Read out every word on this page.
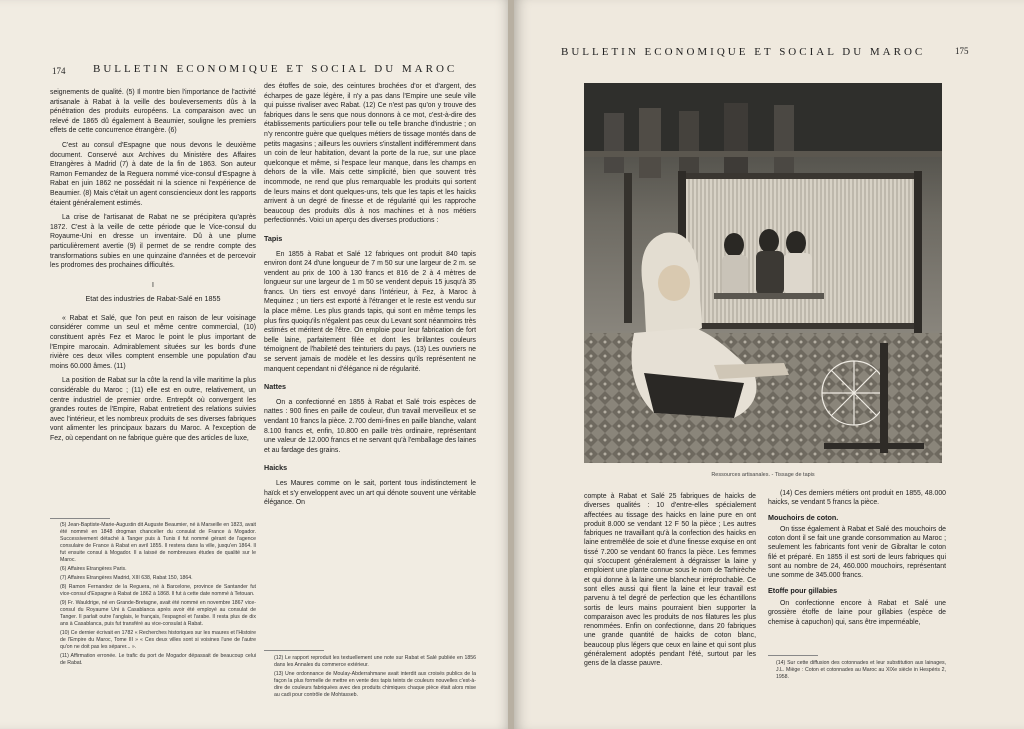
174	BULLETIN ECONOMIQUE ET SOCIAL DU MAROC

seignements de qualité. (5) Il montre bien l'importance de l'activité artisanale à Rabat à la veille des bouleversements dûs à la pénétration des produits européens. La comparaison avec un relevé de 1865 dû également à Beaumier, souligne les premiers effets de cette concurrence étrangère. (6)

C'est au consul d'Espagne que nous devons le deuxième document. Conservé aux Archives du Ministère des Affaires Etrangères à Madrid (7) à date de la fin de 1863. Son auteur Ramon Fernandez de la Reguera nommé vice-consul d'Espagne à Rabat en juin 1862 ne possédait ni la science ni l'expérience de Beaumier. (8) Mais c'était un agent consciencieux dont les rapports étaient généralement estimés.

La crise de l'artisanat de Rabat ne se précipitera qu'après 1872. C'est à la veille de cette période que le Vice-consul du Royaume-Uni en dresse un inventaire. Dû à une plume particulièrement avertie (9) il permet de se rendre compte des transformations subies en une quinzaine d'années et de percevoir les prodromes des prochaines difficultés.

I

Etat des industries de Rabat-Salé en 1855

« Rabat et Salé, que l'on peut en raison de leur voisinage considérer comme un seul et même centre commercial, (10) constituent après Fez et Maroc le point le plus important de l'Empire marocain. Admirablement situées sur les bords d'une rivière ces deux villes comptent ensemble une population d'au moins 60.000 âmes. (11)

La position de Rabat sur la côte la rend la ville maritime la plus considérable du Maroc ; (11) elle est en outre, relativement, un centre industriel de premier ordre. Entrepôt où convergent les grandes routes de l'Empire, Rabat entretient des relations suivies avec l'intérieur, et les nombreux produits de ses diverses fabriques vont alimenter les principaux bazars du Maroc. A l'exception de Fez, où cependant on ne fabrique guère que des articles de luxe,

(5) Jean-Baptiste-Marie-Augustin dit Auguste Beaumier, né à Marseille en 1823, avait été nommé en 1848 drogman chancelier du consulat de France à Mogador. Successivement détaché à Tanger puis à Tunis il fut nommé gérant de l'agence consulaire de France à Rabat en avril 1855. Il restera dans la ville, jusqu'en 1864. Il fut ensuite consul à Mogador. Il a laissé de nombreuses études de qualité sur le Maroc.

(6) Affaires Etrangères Paris.

(7) Affaires Etrangères Madrid, XIII 638, Rabat 150, 1864.

(8) Ramon Fernandez de la Reguera, né à Barcelone, province de Santander fut vice-consul d'Espagne à Rabat de 1862 à 1868. Il fut à cette date nommé à Tetouan.

(9) Fr. Wauldrige, né en Grande-Bretagne, avait été nommé en novembre 1867 vice-consul du Royaume Uni à Casablanca après avoir été employé au consulat de Tanger. Il parlait outre l'anglais, le français, l'espagnol et l'arabe. Il resta plus de dix ans à Casablanca, puis fut transféré au vice-consulat à Rabat.

(10) Ce dernier écrivait en 1782 « Recherches historiques sur les maures et l'Histoire de l'Empire du Maroc, Tome III » « Ces deux villes sont si voisines l'une de l'autre qu'on ne doit pas les séparer... ».

(11) Affirmation erronée. Le trafic du port de Mogador dépassait de beaucoup celui de Rabat.

des étoffes de soie, des ceintures brochées d'or et d'argent, des écharpes de gaze légère, il n'y a pas dans l'Empire une seule ville qui puisse rivaliser avec Rabat. (12) Ce n'est pas qu'on y trouve des fabriques dans le sens que nous donnons à ce mot, c'est-à-dire des établissements particuliers pour telle ou telle branche d'industrie ; on n'y rencontre guère que quelques métiers de tissage montés dans de petits magasins ; ailleurs les ouvriers s'installent indifféremment dans un coin de leur habitation, devant la porte de la rue, sur une place quelconque et même, si l'espace leur manque, dans les champs en dehors de la ville. Mais cette simplicité, bien que souvent très incommode, ne rend que plus remarquable les produits qui sortent de leurs mains et dont quelques-uns, tels que les tapis et les haicks arrivent à un degré de finesse et de régularité qui les rapproche beaucoup des produits dûs à nos machines et à nos métiers perfectionnés. Voici un aperçu des diverses productions :

Tapis

En 1855 à Rabat et Salé 12 fabriques ont produit 840 tapis environ dont 24 d'une longueur de 7 m 50 sur une largeur de 2 m. se vendent au prix de 100 à 130 francs et 816 de 2 à 4 mètres de longueur sur une largeur de 1 m 50 se vendent depuis 15 jusqu'à 35 francs. Un tiers est envoyé dans l'intérieur, à Fez, à Maroc à Mequinez ; un tiers est exporté à l'étranger et le reste est vendu sur la place même. Les plus grands tapis, qui sont en même temps les plus fins quoiqu'ils n'égalent pas ceux du Levant sont néanmoins très estimés et méritent de l'être. On emploie pour leur fabrication de fort belle laine, parfaitement filée et dont les brillantes couleurs témoignent de l'habileté des teinturiers du pays. (13) Les ouvriers ne se servent jamais de modèle et les dessins qu'ils représentent ne manquent cependant ni d'élégance ni de régularité.

Nattes

On a confectionné en 1855 à Rabat et Salé trois espèces de nattes : 900 fines en paille de couleur, d'un travail merveilleux et se vendant 10 francs la pièce. 2.700 demi-fines en paille blanche, valant 8.100 francs et, enfin, 10.800 en paille très ordinaire, représentant une valeur de 12.000 francs et ne servant qu'à l'emballage des laines et au fardage des grains.

Haicks

Les Maures comme on le sait, portent tous indistinctement le haïck et s'y enveloppent avec un art qui dénote souvent une véritable élégance. On

(12) Le rapport reproduit les textuellement une note sur Rabat et Salé publiée en 1856 dans les Annales du commerce extérieur.

(13) Une ordonnance de Moulay-Abderrahmane avait interdit aux croisés publics de la façon la plus formelle de mettre en vente des tapis teints de couleurs nouvelles c'est-à-dire de couleurs fabriquées avec des produits chimiques chaque pièce était alors mise au cadi pour contrôle de Mohtasseb.

BULLETIN ECONOMIQUE ET SOCIAL DU MAROC	175
Ressources artisanales. - Tissage de tapis

compte à Rabat et Salé 25 fabriques de haicks de diverses qualités : 10 d'entre-elles spécialement affectées au tissage des haicks en laine pure en ont produit 8.000 se vendant 12 F 50 la pièce ; Les autres fabriques ne travaillant qu'à la confection des haicks en laine entremêlée de soie et d'une finesse exquise en ont tissé 7.200 se vendant 60 francs la pièce. Les femmes qui s'occupent généralement à dégraisser la laine y emploient une plante connue sous le nom de Tarhirèche et qui donne à la laine une blancheur irréprochable. Ce sont elles aussi qui filent la laine et leur travail est parvenu à tel degré de perfection que les échantillons sortis de leurs mains pourraient bien supporter la comparaison avec les produits de nos filatures les plus renommées. Enfin on confectionne, dans 20 fabriques une grande quantité de haicks de coton blanc, beaucoup plus légers que ceux en laine et qui sont plus généralement adoptés pendant l'été, surtout par les gens de la classe pauvre.

(14) Ces derniers métiers ont produit en 1855, 48.000 haicks, se vendant 5 francs la pièce.

Mouchoirs de coton.

On tisse également à Rabat et Salé des mouchoirs de coton dont il se fait une grande consommation au Maroc ; seulement les fabricants font venir de Gibraltar le coton filé et préparé. En 1855 il est sorti de leurs fabriques qui sont au nombre de 24, 460.000 mouchoirs, représentant une somme de 345.000 francs.

Etoffe pour gillabies

On confectionne encore à Rabat et Salé une grossière étoffe de laine pour gillabies (espèce de chemise à capuchon) qui, sans être imperméable,

(14) Sur cette diffusion des cotonnades et leur substitution aux lainages, J.L. Miège : Coton et cotonnades au Maroc au XIXe siècle in Hespéris 2, 1958.
